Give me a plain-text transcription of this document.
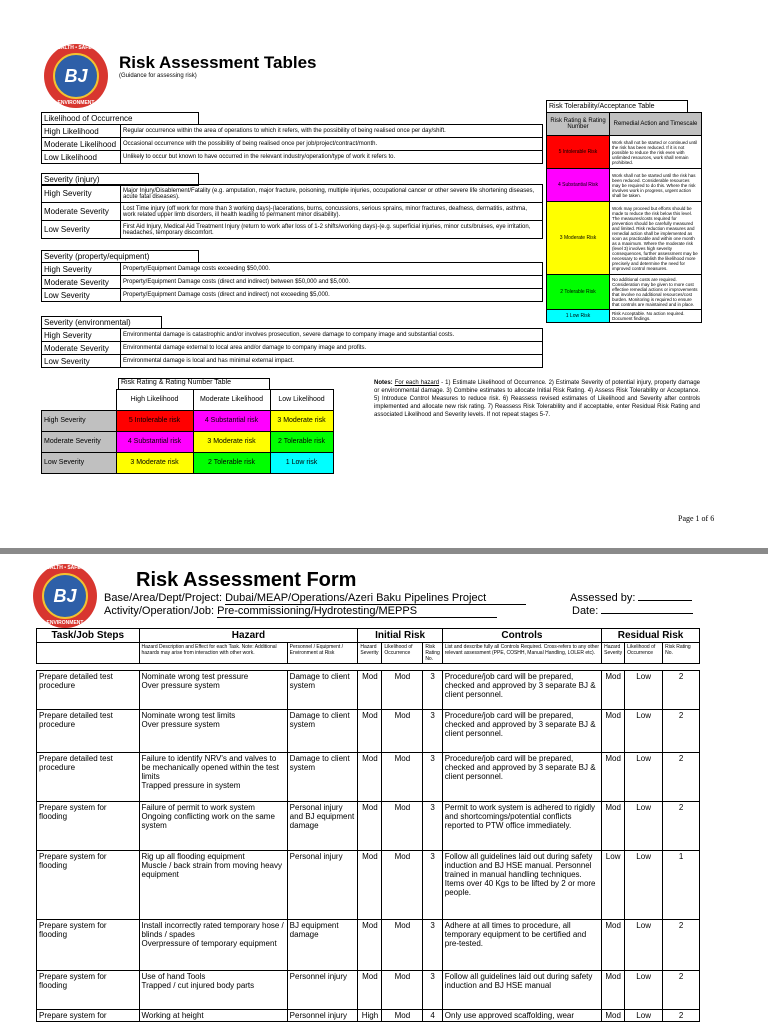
HEALTH • SAFETY
BJ
ENVIRONMENT
Risk Assessment Tables
(Guidance for assessing risk)
Likelihood of Occurrence
High Likelihood	Regular occurrence within the area of operations to which it refers, with the possibility of being realised once per day/shift.
Moderate Likelihood	Occasional occurrence with the possibility of being realised once per job/project/contract/month.
Low Likelihood	Unlikely to occur but known to have occurred in the relevant industry/operation/type of work it refers to.
Severity (injury)
High Severity	Major Injury/Disablement/Fatality (e.g. amputation, major fracture, poisoning, multiple injuries, occupational cancer or other severe life shortening diseases, acute fatal diseases).
Moderate Severity	Lost Time injury (off work for more than 3 working days)-(lacerations, burns, concussions, serious sprains, minor fractures, deafness, dermatitis, asthma, work related upper limb disorders, ill health leading to permanent minor disability).
Low Severity	First Aid Injury, Medical Aid Treatment Injury (return to work after loss of 1-2 shifts/working days)-(e.g. superficial injuries, minor cuts/bruises, eye irritation, headaches, temporary discomfort.
Severity (property/equipment)
High Severity	Property/Equipment Damage costs exceeding $50,000.
Moderate Severity	Property/Equipment Damage costs (direct and indirect) between $50,000 and $5,000.
Low Severity	Property/Equipment Damage costs (direct and indirect) not exceeding $5,000.
Severity (environmental)
High Severity	Environmental damage is catastrophic and/or involves prosecution, severe damage to company image and substantial costs.
Moderate Severity	Environmental damage external to local area and/or damage to company image and profits.
Low Severity	Environmental damage is local and has minimal external impact.
Risk Tolerability/Acceptance Table
Risk Rating & Rating Number	Remedial Action and Timescale
5 Intolerable Risk	Work shall not be started or continued until the risk has been reduced. If it is not possible to reduce the risk even with unlimited resources, work shall remain prohibited.
4 Substantial Risk	Work shall not be started until the risk has been reduced. Considerable resources may be required to do this. Where the risk involves work in progress, urgent action shall be taken.
3 Moderate Risk	Work may proceed but efforts should be made to reduce the risk below this level. The measures/costs required for prevention should be carefully measured and limited. Risk reduction measures and remedial action shall be implemented as soon as practicable and within one month as a maximum. Where the moderate risk (level 3) involves high severity consequences, further assessment may be necessary to establish the likelihood more precisely and determine the need for improved control measures.
2 Tolerable Risk	No additional costs are required. Consideration may be given to more cost effective remedial actions or improvements that involve no additional resources/cost burden. Monitoring is required to ensure that controls are maintained and in place.
1 Low Risk	Risk Acceptable. No action required. Document findings.
Risk Rating & Rating Number Table
	High Likelihood	Moderate Likelihood	Low Likelihood
High Severity	5 Intolerable risk	4 Substantial risk	3 Moderate risk
Moderate Severity	4 Substantial risk	3 Moderate risk	2 Tolerable risk
Low Severity	3 Moderate risk	2 Tolerable risk	1 Low risk
Notes: For each hazard - 1) Estimate Likelihood of Occurrence. 2) Estimate Severity of potential injury, property damage or environmental damage. 3) Combine estimates to allocate Initial Risk Rating. 4) Assess Risk Tolerability or Acceptance. 5) Introduce Control Measures to reduce risk. 6) Reassess revised estimates of Likelihood and Severity after controls implemented and allocate new risk rating. 7) Reassess Risk Tolerability and if acceptable, enter Residual Risk Rating and associated Likelihood and Severity levels. If not repeat stages 5-7.
Page 1 of 6
HEALTH • SAFETY
BJ
ENVIRONMENT
Risk Assessment Form
Base/Area/Dept/Project: Dubai/MEAP/Operations/Azeri Baku Pipelines Project
Activity/Operation/Job: Pre-commissioning/Hydrotesting/MEPPS
Assessed by:
Date:
Task/Job Steps	Hazard		Initial Risk			Controls	Residual Risk		
	Hazard Description and Effect for each Task. Note: Additional hazards may arise from interaction with other work.	Personnel / Equipment / Environment at Risk	Hazard Severity	Likelihood of Occurrence	Risk Rating No.	List and describe fully all Controls Required. Cross-refers to any other relevant assessment (PPE, COSHH, Manual Handling, LOLER etc).	Hazard Severity	Likelihood of Occurrence	Risk Rating No.

Prepare detailed test procedure	Nominate wrong test pressure
Over pressure system	Damage to client system	Mod	Mod	3	Procedure/job card will be prepared, checked and approved by 3 separate BJ & client personnel.	Mod	Low	2
Prepare detailed test procedure	Nominate wrong test limits
Over pressure system	Damage to client system	Mod	Mod	3	Procedure/job card will be prepared, checked and approved by 3 separate BJ & client personnel.	Mod	Low	2
Prepare detailed test procedure	Failure to identify NRV's and valves to be mechanically opened within the test limits
Trapped pressure in system	Damage to client system	Mod	Mod	3	Procedure/job card will be prepared, checked and approved by 3 separate BJ & client personnel.	Mod	Low	2
Prepare system for flooding	Failure of permit to work system
Ongoing conflicting work on the same system	Personal injury and BJ equipment damage	Mod	Mod	3	Permit to work system is adhered to rigidly and shortcomings/potential conflicts reported to PTW office immediately.	Mod	Low	2
Prepare system for flooding	Rig up all flooding equipment
Muscle / back strain from moving heavy equipment	Personal injury	Mod	Mod	3	Follow all guidelines laid out during safety induction and BJ HSE manual. Personnel trained in manual handling techniques. Items over 40 Kgs to be lifted by 2 or more people.	Low	Low	1
Prepare system for flooding	Install incorrectly rated temporary hose / blinds / spades
Overpressure of temporary equipment	BJ equipment damage	Mod	Mod	3	Adhere at all times to procedure, all temporary equipment to be certified and pre-tested.	Mod	Low	2
Prepare system for flooding	Use of hand Tools
Trapped / cut injured body parts	Personnel injury	Mod	Mod	3	Follow all guidelines laid out during safety induction and BJ HSE manual	Mod	Low	2
Prepare system for	Working at height	Personnel injury	High	Mod	4	Only use approved scaffolding, wear	Mod	Low	2
